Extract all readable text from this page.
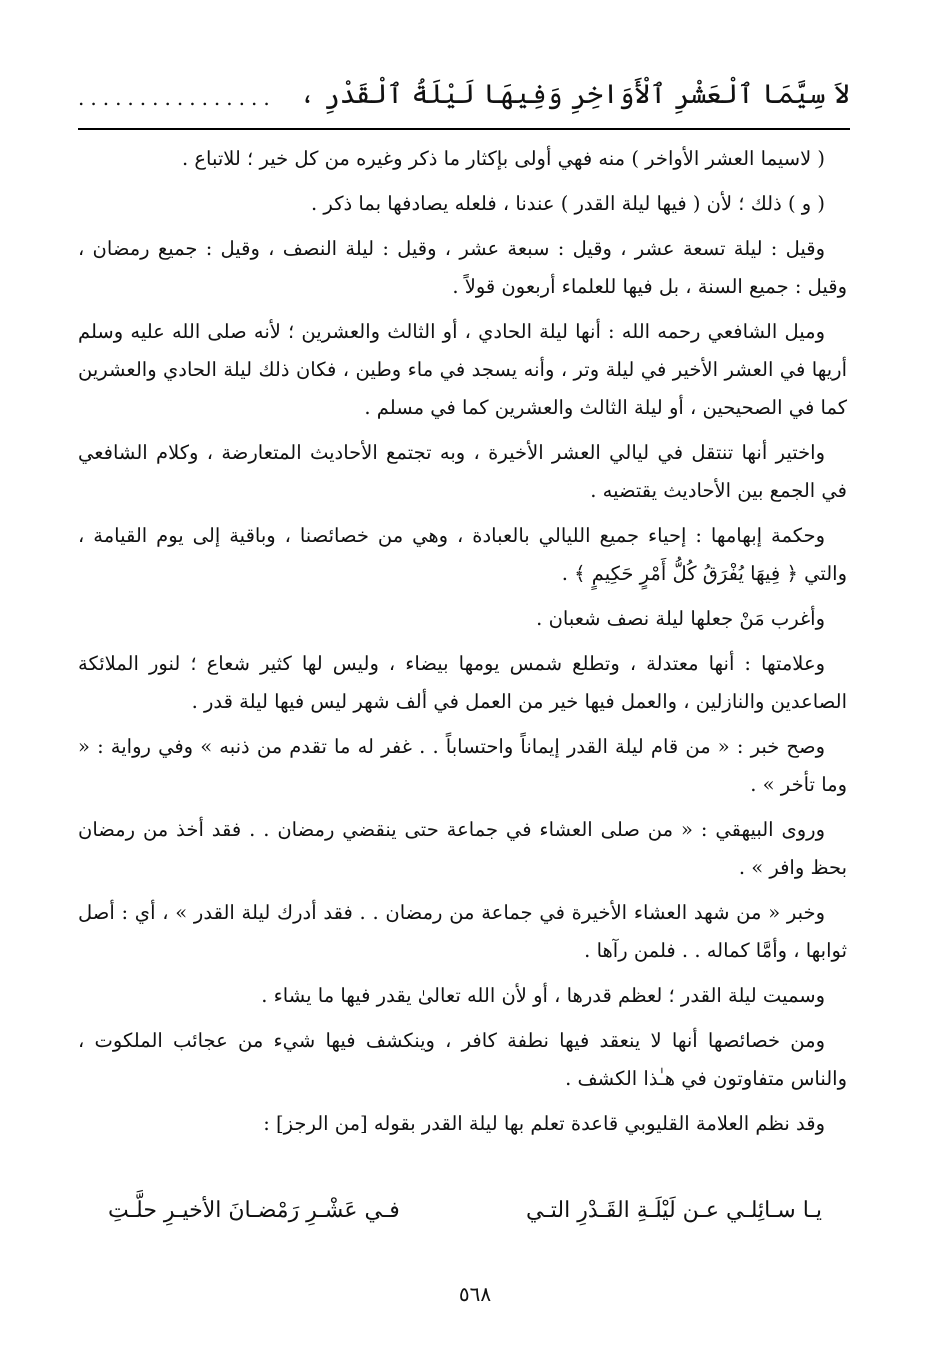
لاَ سِيَّمَا ٱلْعَشْرِ ٱلْأَوَاخِرِ وَفِيهَا لَيْلَةُ ٱلْقَدْرِ ،
................

( لاسيما العشر الأواخر ) منه فهي أولى بإكثار ما ذكر وغيره من كل خير ؛ للاتباع .

( و ) ذلك ؛ لأن ( فيها ليلة القدر ) عندنا ، فلعله يصادفها بما ذكر .

وقيل : ليلة تسعة عشر ، وقيل : سبعة عشر ، وقيل : ليلة النصف ، وقيل : جميع رمضان ، وقيل : جميع السنة ، بل فيها للعلماء أربعون قولاً .

وميل الشافعي رحمه الله : أنها ليلة الحادي ، أو الثالث والعشرين ؛ لأنه صلى الله عليه وسلم أريها في العشر الأخير في ليلة وتر ، وأنه يسجد في ماء وطين ، فكان ذلك ليلة الحادي والعشرين كما في الصحيحين ، أو ليلة الثالث والعشرين كما في مسلم .

واختير أنها تنتقل في ليالي العشر الأخيرة ، وبه تجتمع الأحاديث المتعارضة ، وكلام الشافعي في الجمع بين الأحاديث يقتضيه .

وحكمة إبهامها : إحياء جميع الليالي بالعبادة ، وهي من خصائصنا ، وباقية إلى يوم القيامة ، والتي ﴿ فِيهَا يُفْرَقُ كُلُّ أَمْرٍ حَكِيمٍ ﴾ .

وأغرب مَنْ جعلها ليلة نصف شعبان .

وعلامتها : أنها معتدلة ، وتطلع شمس يومها بيضاء ، وليس لها كثير شعاع ؛ لنور الملائكة الصاعدين والنازلين ، والعمل فيها خير من العمل في ألف شهر ليس فيها ليلة قدر .

وصح خبر : « من قام ليلة القدر إيماناً واحتساباً . . غفر له ما تقدم من ذنبه » وفي رواية : « وما تأخر » .

وروى البيهقي : « من صلى العشاء في جماعة حتى ينقضي رمضان . . فقد أخذ من رمضان بحظ وافر » .

وخبر « من شهد العشاء الأخيرة في جماعة من رمضان . . فقد أدرك ليلة القدر » ، أي : أصل ثوابها ، وأمَّا كماله . . فلمن رآها .

وسميت ليلة القدر ؛ لعظم قدرها ، أو لأن الله تعالىٰ يقدر فيها ما يشاء .

ومن خصائصها أنها لا ينعقد فيها نطفة كافر ، وينكشف فيها شيء من عجائب الملكوت ، والناس متفاوتون في هـٰذا الكشف .

وقد نظم العلامة القليوبي قاعدة تعلم بها ليلة القدر بقوله [من الرجز] :

يـا سـائِلـي عـن لَيْلَـةِ القَـدْرِ التـي
فـي عَشْـرِ رَمْضـانَ الأخيـرِ حلَّـتِ
٥٦٨
